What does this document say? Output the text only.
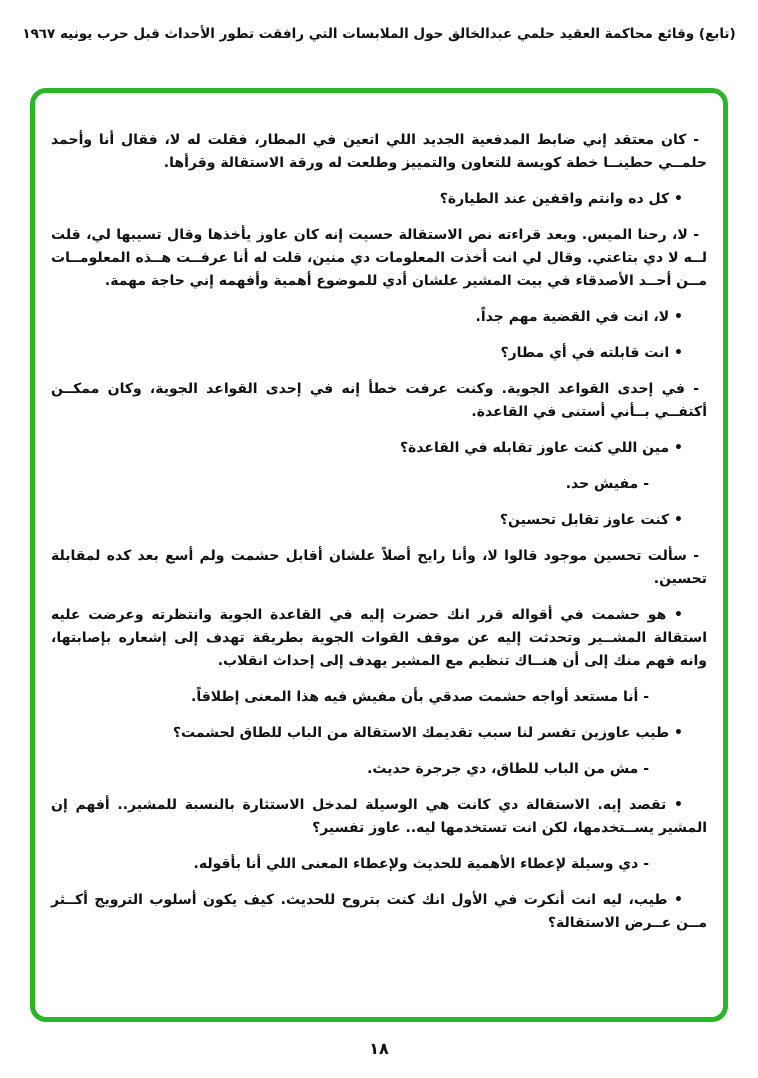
(تابع) وقائع محاكمة العقيد حلمي عبدالخالق حول الملابسات التي رافقت تطور الأحداث قبل حرب يونيه ١٩٦٧

- كان معتقد إني ضابط المدفعية الجديد اللي اتعين في المطار، فقلت له لا، فقال أنا وأحمد حلمــي حطينــا خطة كويسة للتعاون والتمييز وطلعت له ورقة الاستقالة وقرأها.

• كل ده وانتم واقفين عند الطيارة؟

- لا، رحنا الميس. وبعد قراءته نص الاستقالة حسيت إنه كان عاوز يأخذها وقال تسيبها لي، قلت لــه لا دي بتاعتي. وقال لي انت أخذت المعلومات دي منين، قلت له أنا عرفــت هــذه المعلومــات مــن أحــد الأصدقاء في بيت المشير علشان أدي للموضوع أهمية وأفهمه إني حاجة مهمة.

• لا، انت في القضية مهم جداً.

• انت قابلته في أي مطار؟

- في إحدى القواعد الجوية. وكنت عرفت خطأ إنه في إحدى القواعد الجوية، وكان ممكــن أكتفــي بــأني أستنى في القاعدة.

• مين اللي كنت عاوز تقابله في القاعدة؟

- مفيش حد.

• كنت عاوز تقابل تحسين؟

- سألت تحسين موجود قالوا لا، وأنا رايح أصلاً علشان أقابل حشمت ولم أسع بعد كده لمقابلة تحسين.

• هو حشمت في أقواله قرر انك حضرت إليه في القاعدة الجوية وانتظرته وعرضت عليه استقالة المشــير وتحدثت إليه عن موقف القوات الجوية بطريقة تهدف إلى إشعاره بإصابتها، وانه فهم منك إلى أن هنــاك تنظيم مع المشير يهدف إلى إحداث انقلاب.

- أنا مستعد أواجه حشمت صدقي بأن مفيش فيه هذا المعنى إطلاقاً.

• طيب عاوزين تفسر لنا سبب تقديمك الاستقالة من الباب للطاق لحشمت؟

- مش من الباب للطاق، دي جرجرة حديث.

• تقصد إيه. الاستقالة دي كانت هي الوسيلة لمدخل الاستثارة بالنسبة للمشير.. أفهم إن المشير يســتخدمها، لكن انت تستخدمها ليه.. عاوز تفسير؟

- دي وسيلة لإعطاء الأهمية للحديث ولإعطاء المعنى اللي أنا بأقوله.

• طيب، ليه انت أنكرت في الأول انك كنت بتروح للحديث. كيف يكون أسلوب الترويج أكــثر مــن عــرض الاستقالة؟

١٨
